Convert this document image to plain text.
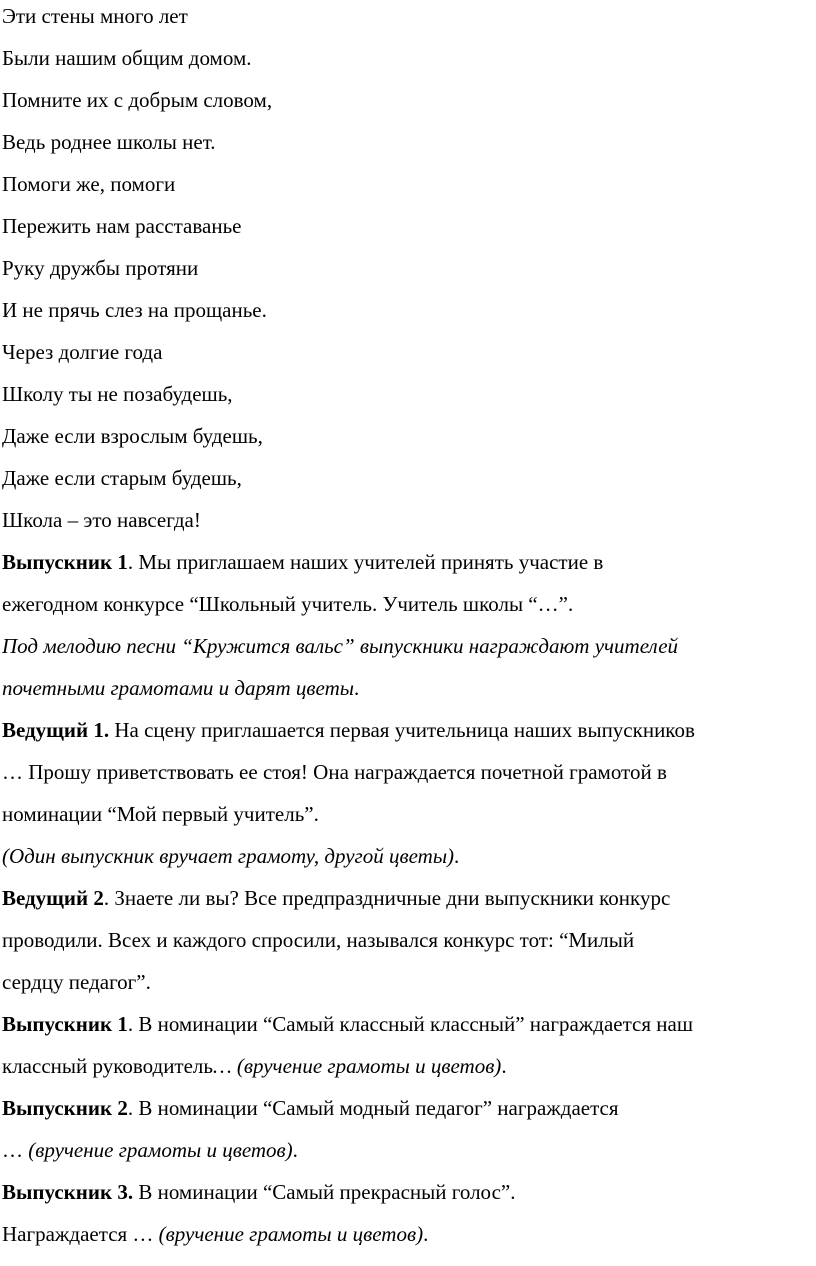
Эти стены много лет
Были нашим общим домом.
Помните их с добрым словом,
Ведь роднее школы нет.
Помоги же, помоги
Пережить нам расставанье
Руку дружбы протяни
И не прячь слез на прощанье.
Через долгие года
Школу ты не позабудешь,
Даже если взрослым будешь,
Даже если старым будешь,
Школа – это навсегда!
Выпускник 1. Мы приглашаем наших учителей принять участие в
ежегодном конкурсе “Школьный учитель. Учитель школы “…”.
Под мелодию песни “Кружится вальс” выпускники награждают учителей
почетными грамотами и дарят цветы.
Ведущий 1. На сцену приглашается первая учительница наших выпускников
… Прошу приветствовать ее стоя! Она награждается почетной грамотой в
номинации “Мой первый учитель”.
(Один выпускник вручает грамоту, другой цветы).
Ведущий 2. Знаете ли вы? Все предпраздничные дни выпускники конкурс
проводили. Всех и каждого спросили, назывался конкурс тот: “Милый
сердцу педагог”.
Выпускник 1. В номинации “Самый классный классный” награждается наш
классный руководитель… (вручение грамоты и цветов).
Выпускник 2. В номинации “Самый модный педагог” награждается
… (вручение грамоты и цветов).
Выпускник 3. В номинации “Самый прекрасный голос”.
Награждается … (вручение грамоты и цветов).
